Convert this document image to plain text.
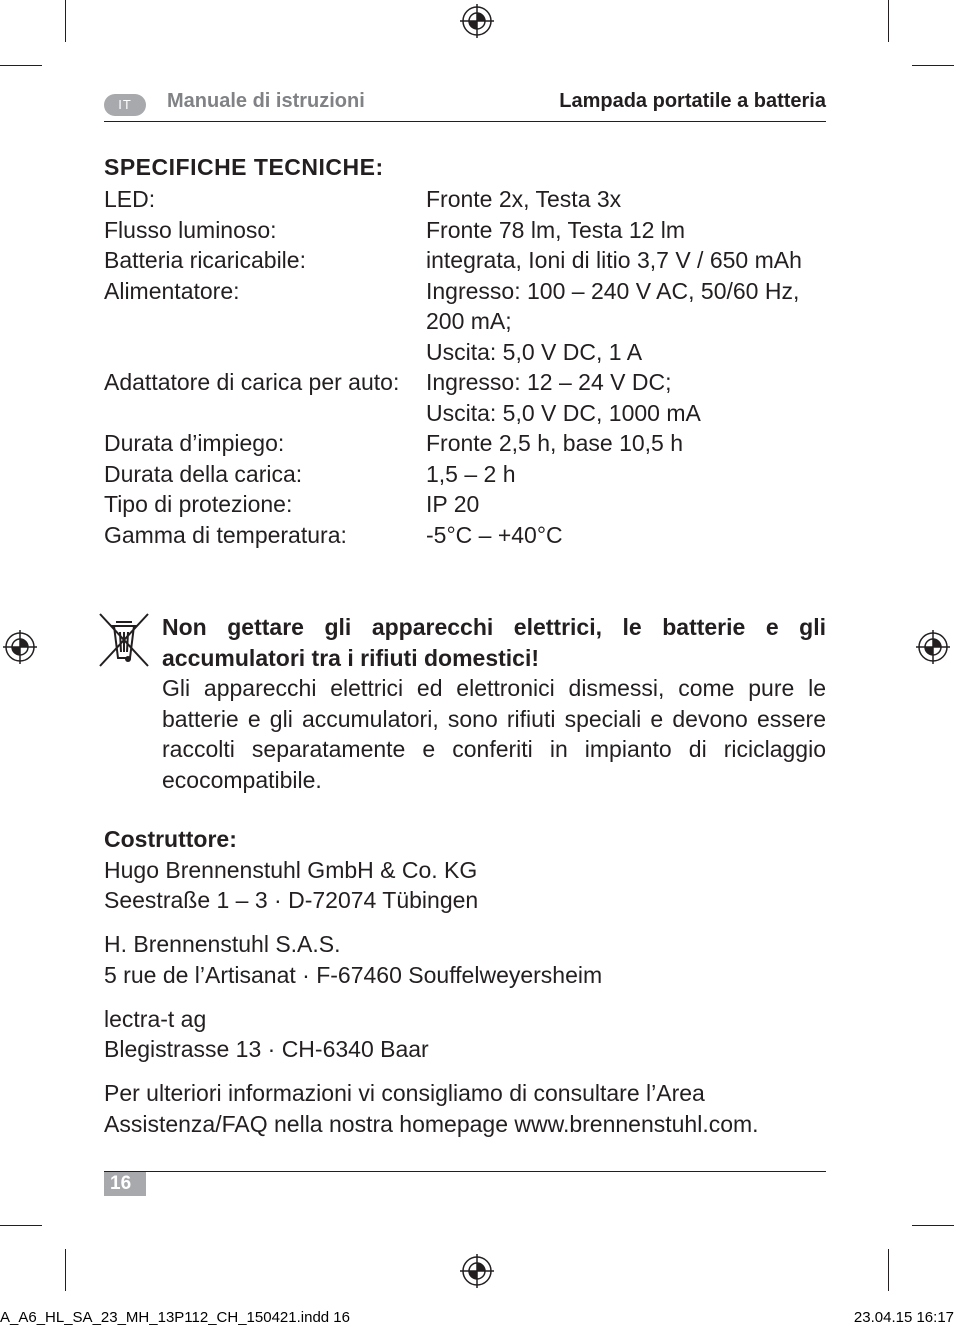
IT	Manuale di istruzioni	Lampada portatile a batteria
SPECIFICHE TECNICHE:
LED:	Fronte 2x, Testa 3x
Flusso luminoso:	Fronte 78 lm, Testa 12 lm
Batteria ricaricabile:	integrata, Ioni di litio 3,7 V / 650 mAh
Alimentatore:	Ingresso: 100 – 240 V AC, 50/60 Hz,
200 mA;
Uscita: 5,0 V DC, 1 A
Adattatore di carica per auto: Ingresso: 12 – 24 V DC;
Uscita: 5,0 V DC, 1000 mA
Durata d’impiego:	Fronte 2,5 h, base 10,5 h
Durata della carica:	1,5 – 2 h
Tipo di protezione:	IP 20
Gamma di temperatura:	-5°C – +40°C
Non gettare gli apparecchi elettrici, le batterie e gli accumulatori tra i rifiuti domestici!
Gli apparecchi elettrici ed elettronici dismessi, come pure le batterie e gli accumulatori, sono rifiuti speciali e devono essere raccolti separatamente e conferiti in impianto di riciclaggio ecocompatibile.
Costruttore:
Hugo Brennenstuhl GmbH & Co. KG
Seestraße 1 – 3 · D-72074 Tübingen
H. Brennenstuhl S.A.S.
5 rue de l’Artisanat · F-67460 Souffelweyersheim
lectra-t ag
Blegistrasse 13 · CH-6340 Baar
Per ulteriori informazioni vi consigliamo di consultare l’Area
Assistenza/FAQ nella nostra homepage www.brennenstuhl.com.
16
A_A6_HL_SA_23_MH_13P112_CH_150421.indd 16	23.04.15 16:17
